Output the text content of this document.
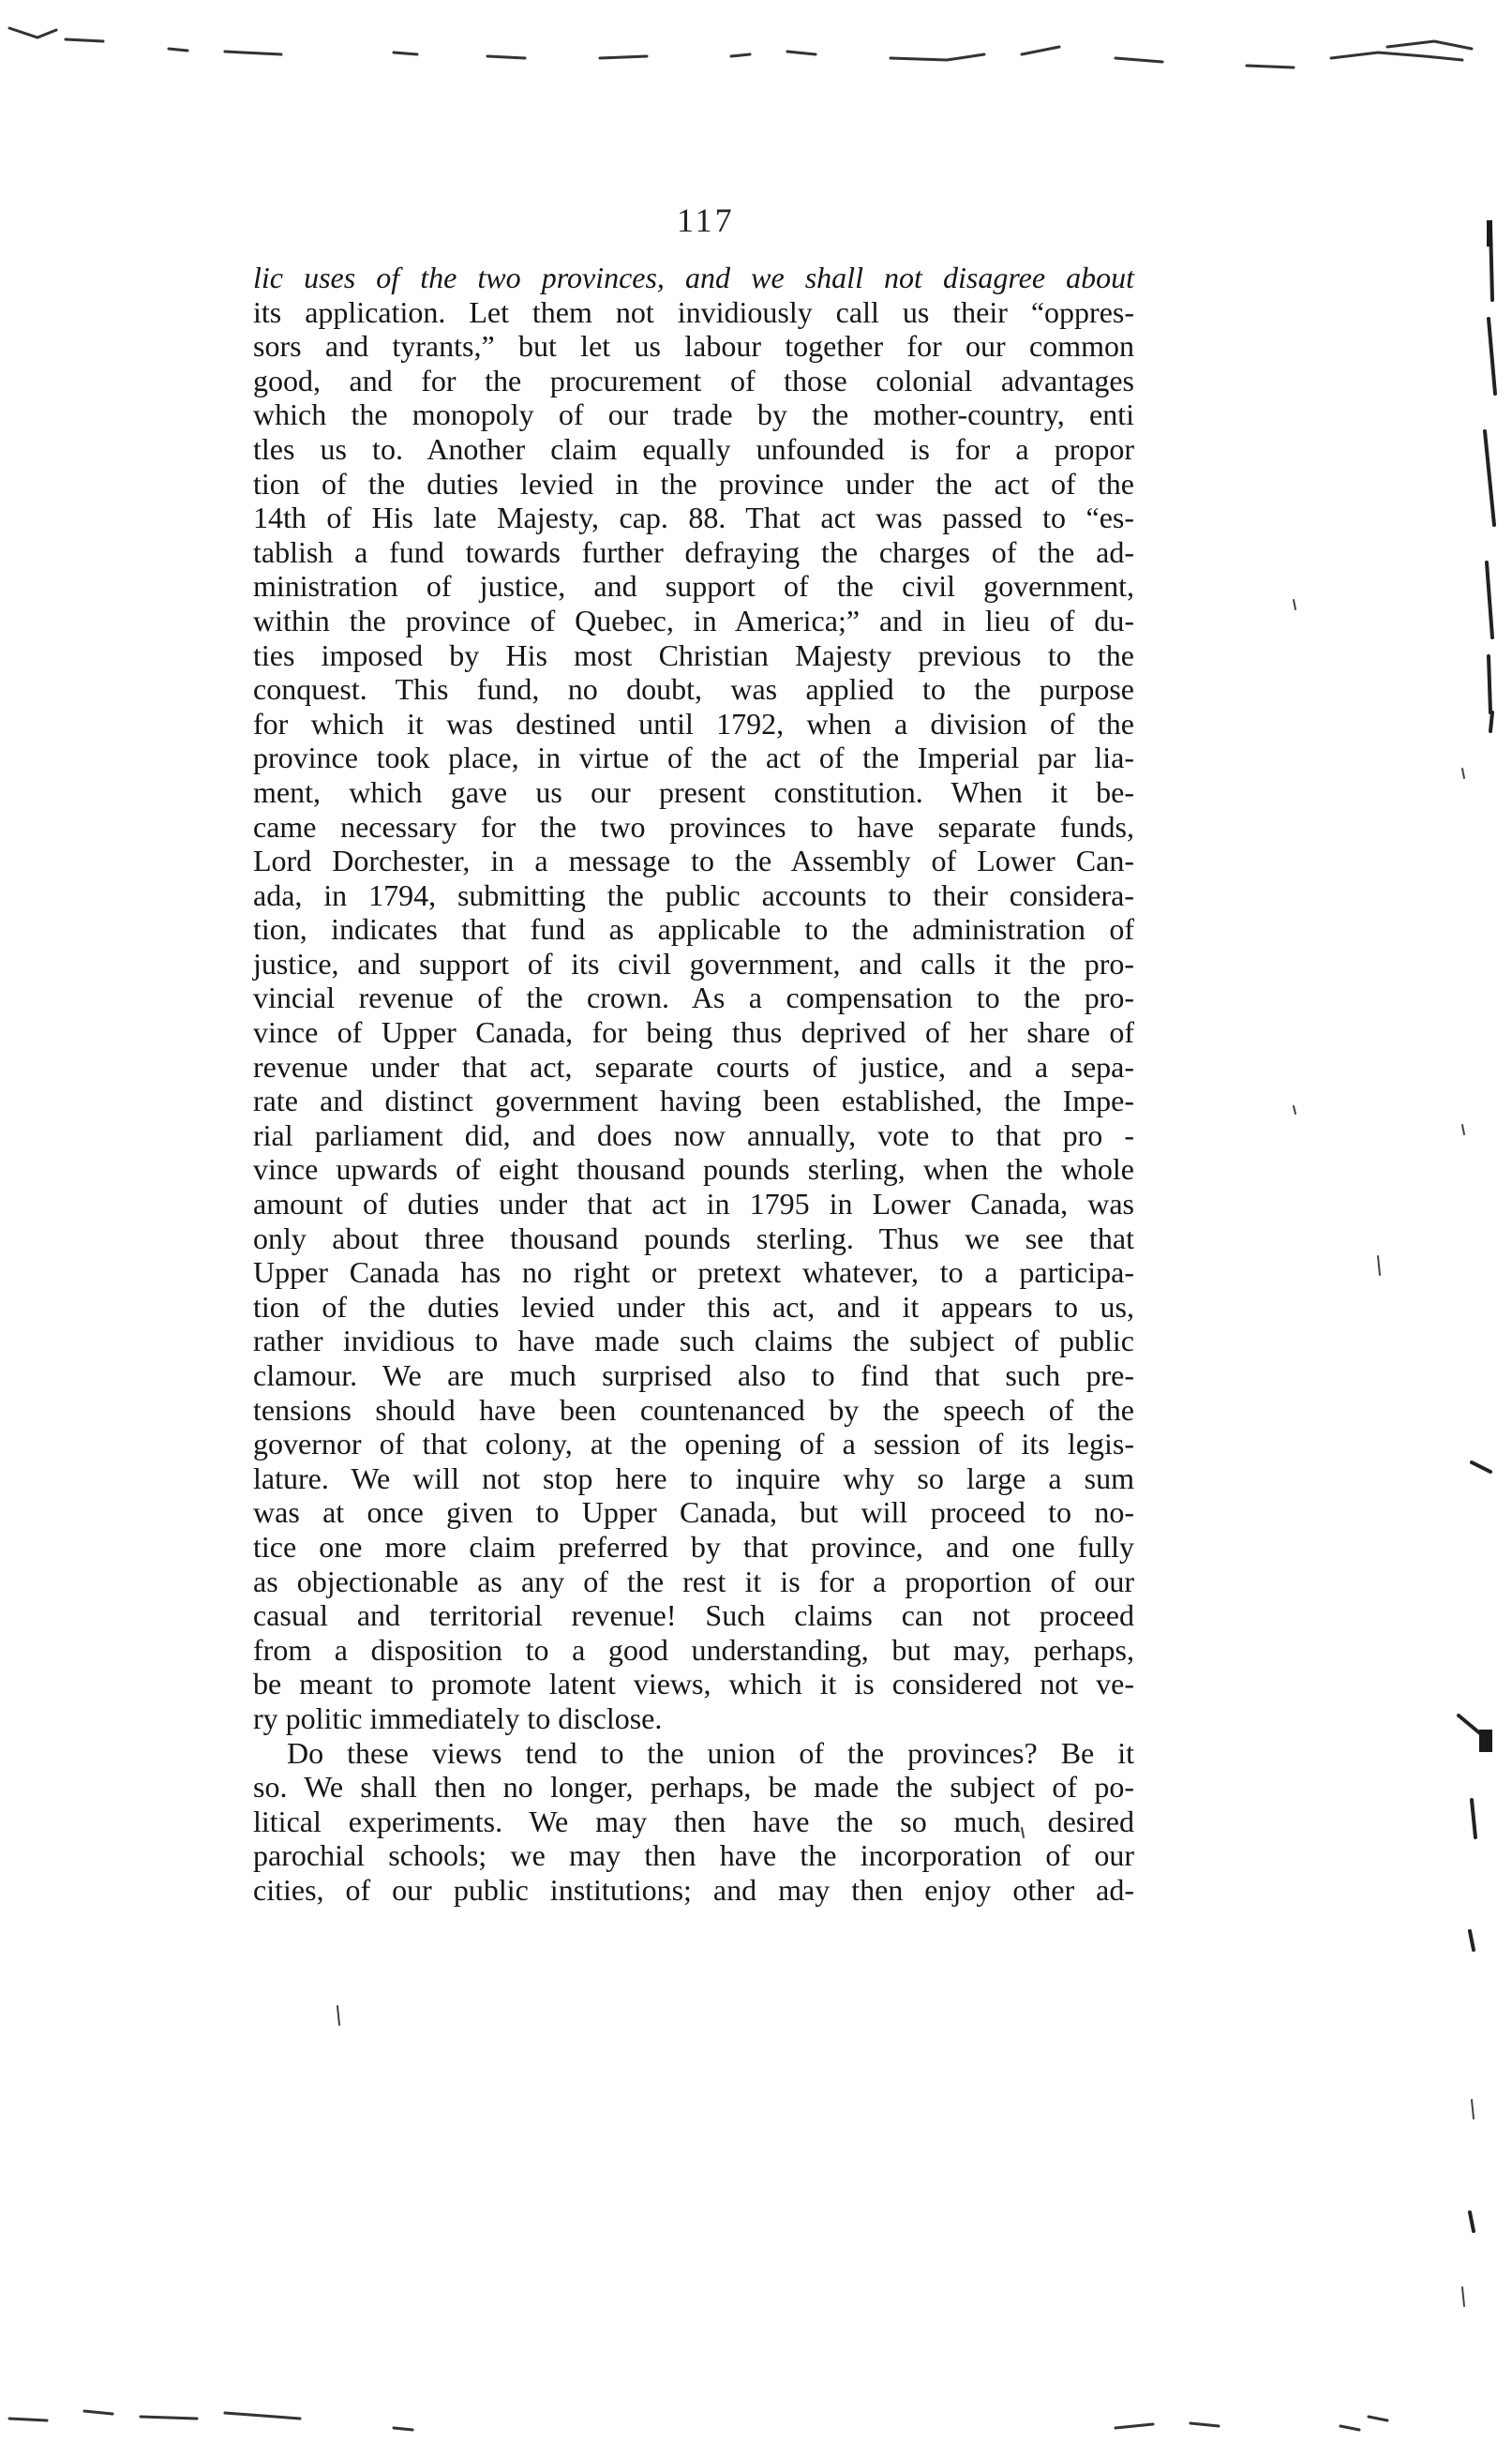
117
lic uses of the two provinces, and we shall not disagree about
its application. Let them not invidiously call us their “oppres-
sors and tyrants,” but let us labour together for our common
good, and for the procurement of those colonial advantages
which the monopoly of our trade by the mother-country, enti
tles us to. Another claim equally unfounded is for a propor
tion of the duties levied in the province under the act of the
14th of His late Majesty, cap. 88. That act was passed to “es-
tablish a fund towards further defraying the charges of the ad-
ministration of justice, and support of the civil government,
within the province of Quebec, in America;” and in lieu of du-
ties imposed by His most Christian Majesty previous to the
conquest. This fund, no doubt, was applied to the purpose
for which it was destined until 1792, when a division of the
province took place, in virtue of the act of the Imperial par lia-
ment, which gave us our present constitution. When it be-
came necessary for the two provinces to have separate funds,
Lord Dorchester, in a message to the Assembly of Lower Can-
ada, in 1794, submitting the public accounts to their considera-
tion, indicates that fund as applicable to the administration of
justice, and support of its civil government, and calls it the pro-
vincial revenue of the crown. As a compensation to the pro-
vince of Upper Canada, for being thus deprived of her share of
revenue under that act, separate courts of justice, and a sepa-
rate and distinct government having been established, the Impe-
rial parliament did, and does now annually, vote to that pro -
vince upwards of eight thousand pounds sterling, when the whole
amount of duties under that act in 1795 in Lower Canada, was
only about three thousand pounds sterling. Thus we see that
Upper Canada has no right or pretext whatever, to a participa-
tion of the duties levied under this act, and it appears to us,
rather invidious to have made such claims the subject of public
clamour. We are much surprised also to find that such pre-
tensions should have been countenanced by the speech of the
governor of that colony, at the opening of a session of its legis-
lature. We will not stop here to inquire why so large a sum
was at once given to Upper Canada, but will proceed to no-
tice one more claim preferred by that province, and one fully
as objectionable as any of the rest it is for a proportion of our
casual and territorial revenue! Such claims can not proceed
from a disposition to a good understanding, but may, perhaps,
be meant to promote latent views, which it is considered not ve-
ry politic immediately to disclose.
Do these views tend to the union of the provinces? Be it
so. We shall then no longer, perhaps, be made the subject of po-
litical experiments. We may then have the so much desired
parochial schools; we may then have the incorporation of our
cities, of our public institutions; and may then enjoy other ad-
